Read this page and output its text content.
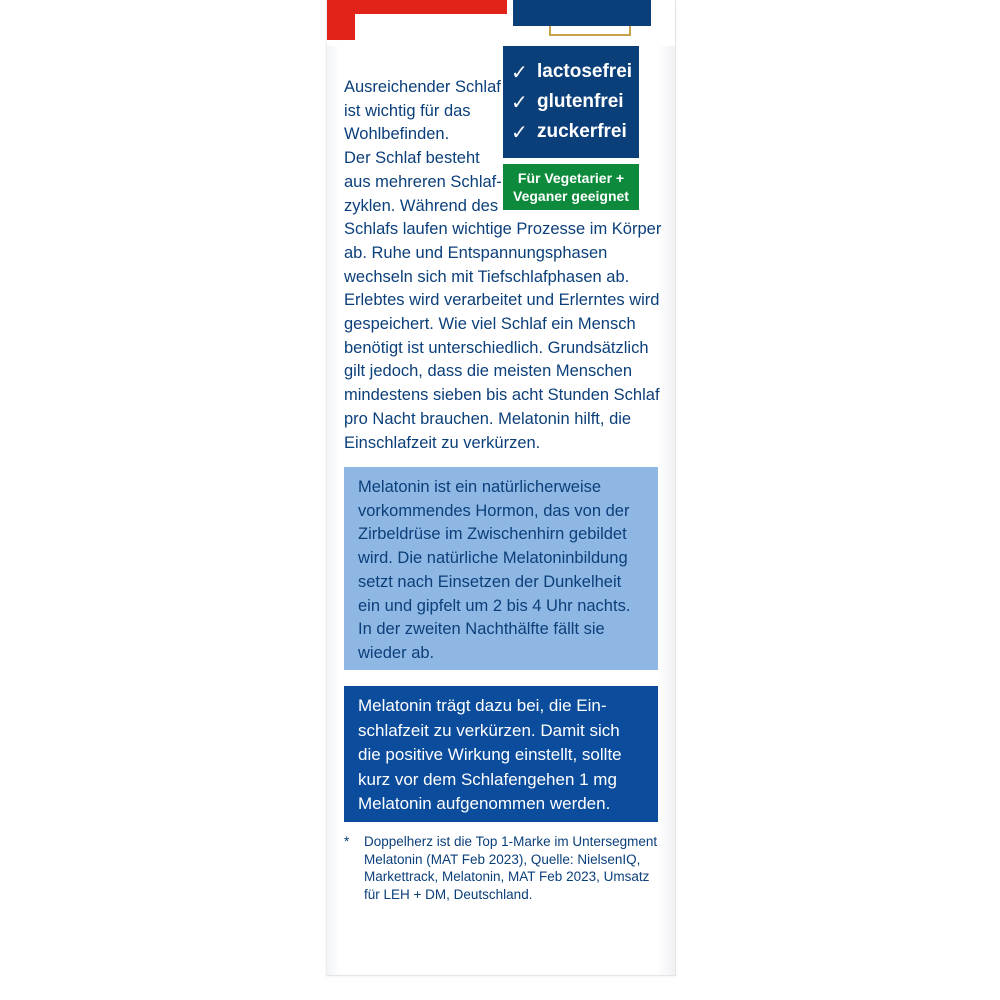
✓ lactosefrei
✓ glutenfrei
✓ zuckerfrei
Für Vegetarier +
Veganer geeignet
Ausreichender Schlaf
ist wichtig für das
Wohlbefinden.
Der Schlaf besteht
aus mehreren Schlaf-
zyklen. Während des
Schlafs laufen wichtige Prozesse im Körper
ab. Ruhe und Entspannungsphasen
wechseln sich mit Tiefschlafphasen ab.
Erlebtes wird verarbeitet und Erlerntes wird
gespeichert. Wie viel Schlaf ein Mensch
benötigt ist unterschiedlich. Grundsätzlich
gilt jedoch, dass die meisten Menschen
mindestens sieben bis acht Stunden Schlaf
pro Nacht brauchen. Melatonin hilft, die
Einschlafzeit zu verkürzen.
Melatonin ist ein natürlicherweise
vorkommendes Hormon, das von der
Zirbeldrüse im Zwischenhirn gebildet
wird. Die natürliche Melatoninbildung
setzt nach Einsetzen der Dunkelheit
ein und gipfelt um 2 bis 4 Uhr nachts.
In der zweiten Nachthälfte fällt sie
wieder ab.
Melatonin trägt dazu bei, die Ein-
schlafzeit zu verkürzen. Damit sich
die positive Wirkung einstellt, sollte
kurz vor dem Schlafengehen 1 mg
Melatonin aufgenommen werden.
*	Doppelherz ist die Top 1-Marke im Untersegment
Melatonin (MAT Feb 2023), Quelle: NielsenIQ,
Markettrack, Melatonin, MAT Feb 2023, Umsatz
für LEH + DM, Deutschland.
